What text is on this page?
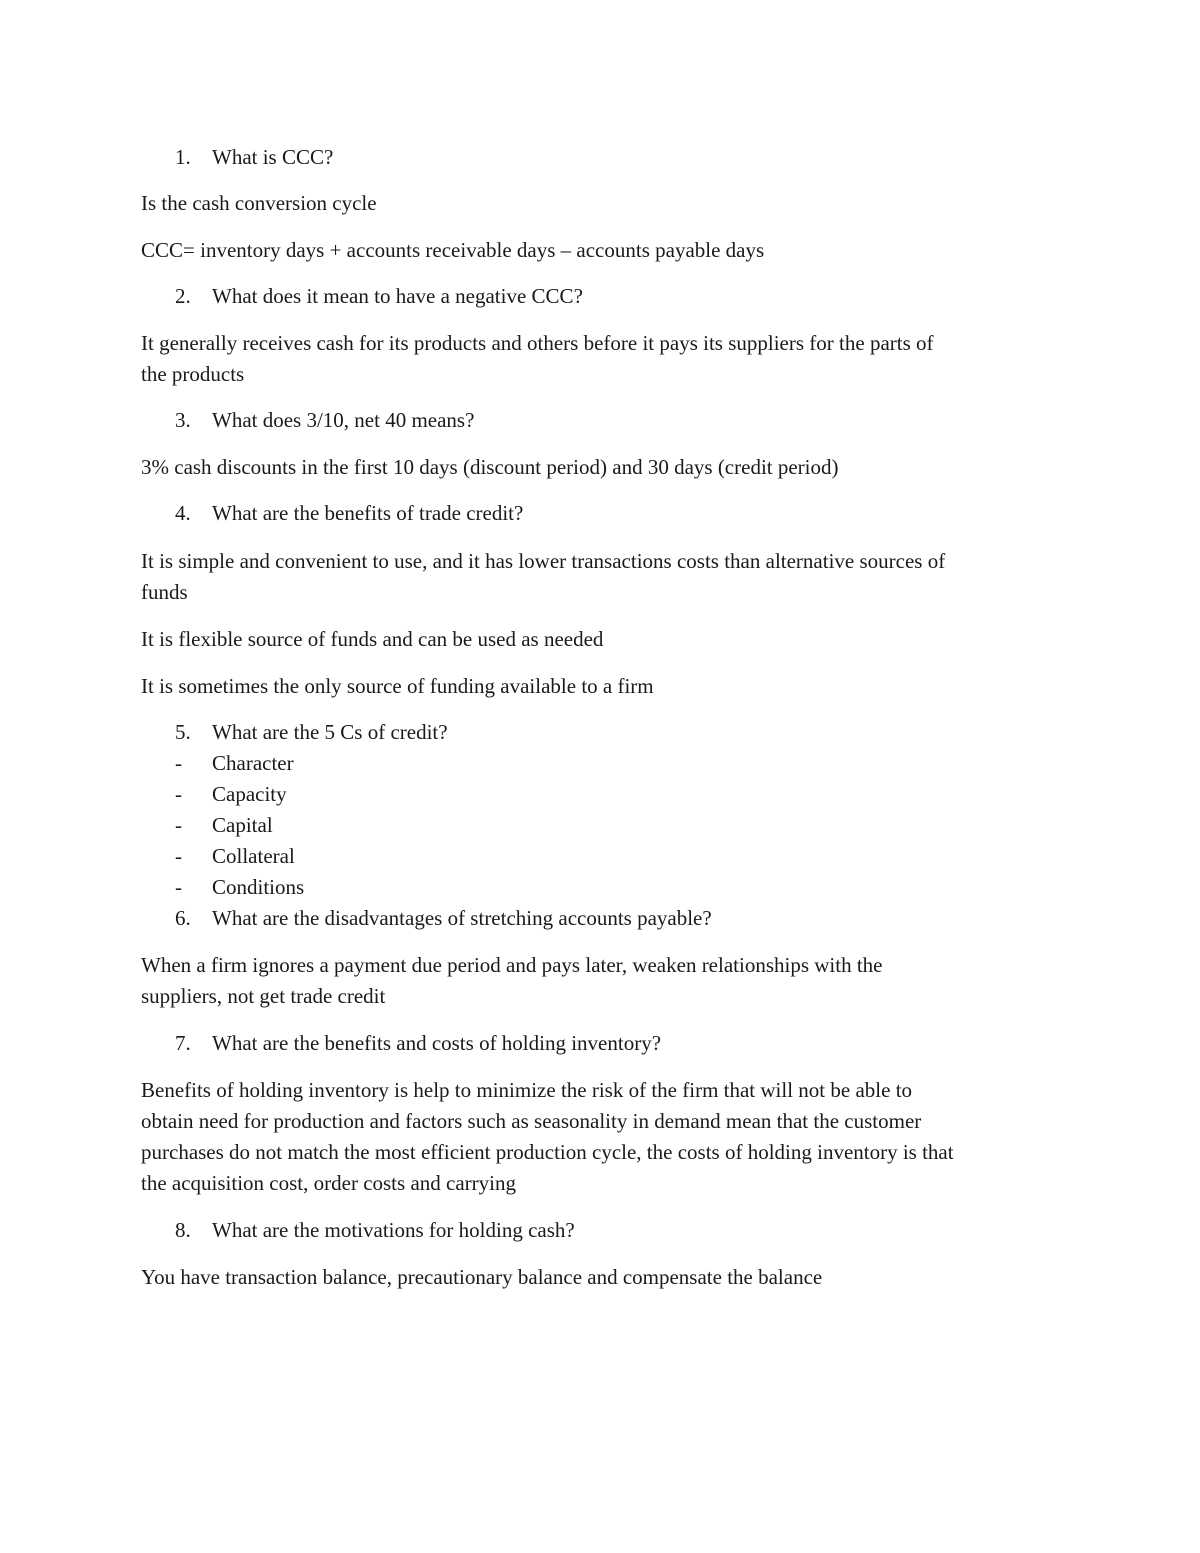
1. What is CCC?
Is the cash conversion cycle
CCC= inventory days + accounts receivable days – accounts payable days
2. What does it mean to have a negative CCC?
It generally receives cash for its products and others before it pays its suppliers for the parts of
the products
3. What does 3/10, net 40 means?
3% cash discounts in the first 10 days (discount period) and 30 days (credit period)
4. What are the benefits of trade credit?
It is simple and convenient to use, and it has lower transactions costs than alternative sources of
funds
It is flexible source of funds and can be used as needed
It is sometimes the only source of funding available to a firm
5. What are the 5 Cs of credit?
- Character
- Capacity
- Capital
- Collateral
- Conditions
6. What are the disadvantages of stretching accounts payable?
When a firm ignores a payment due period and pays later, weaken relationships with the
suppliers, not get trade credit
7. What are the benefits and costs of holding inventory?
Benefits of holding inventory is help to minimize the risk of the firm that will not be able to
obtain need for production and factors such as seasonality in demand mean that the customer
purchases do not match the most efficient production cycle, the costs of holding inventory is that
the acquisition cost, order costs and carrying
8. What are the motivations for holding cash?
You have transaction balance, precautionary balance and compensate the balance
